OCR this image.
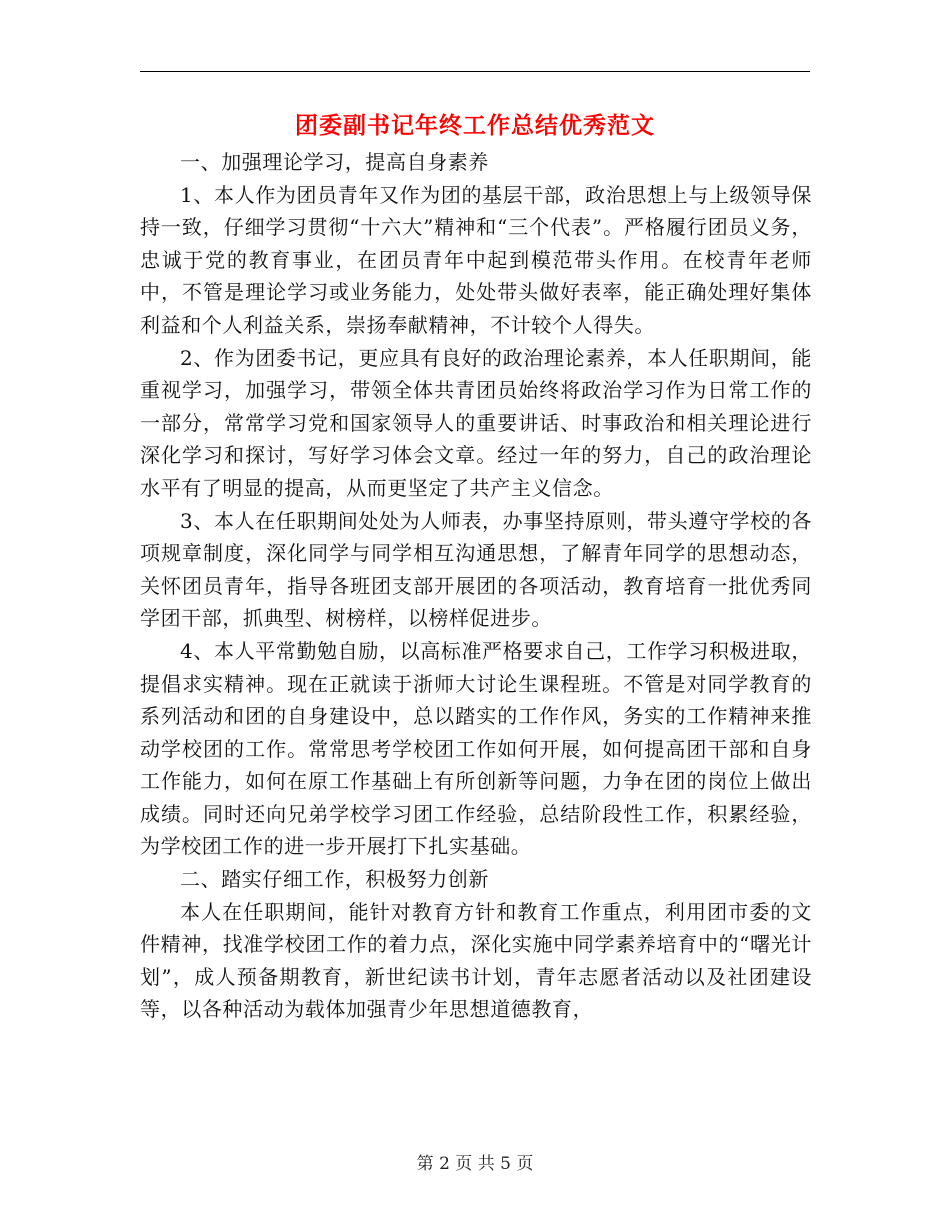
团委副书记年终工作总结优秀范文

一、加强理论学习，提高自身素养

1、本人作为团员青年又作为团的基层干部，政治思想上与上级领导保持一致，仔细学习贯彻“十六大”精神和“三个代表”。严格履行团员义务，忠诚于党的教育事业，在团员青年中起到模范带头作用。在校青年老师中，不管是理论学习或业务能力，处处带头做好表率，能正确处理好集体利益和个人利益关系，崇扬奉献精神，不计较个人得失。

2、作为团委书记，更应具有良好的政治理论素养，本人任职期间，能重视学习，加强学习，带领全体共青团员始终将政治学习作为日常工作的一部分，常常学习党和国家领导人的重要讲话、时事政治和相关理论进行深化学习和探讨，写好学习体会文章。经过一年的努力，自己的政治理论水平有了明显的提高，从而更坚定了共产主义信念。

3、本人在任职期间处处为人师表，办事坚持原则，带头遵守学校的各项规章制度，深化同学与同学相互沟通思想，了解青年同学的思想动态，关怀团员青年，指导各班团支部开展团的各项活动，教育培育一批优秀同学团干部，抓典型、树榜样，以榜样促进步。

4、本人平常勤勉自励，以高标准严格要求自己，工作学习积极进取，提倡求实精神。现在正就读于浙师大讨论生课程班。不管是对同学教育的系列活动和团的自身建设中，总以踏实的工作作风，务实的工作精神来推动学校团的工作。常常思考学校团工作如何开展，如何提高团干部和自身工作能力，如何在原工作基础上有所创新等问题，力争在团的岗位上做出成绩。同时还向兄弟学校学习团工作经验，总结阶段性工作，积累经验，为学校团工作的进一步开展打下扎实基础。

二、踏实仔细工作，积极努力创新

本人在任职期间，能针对教育方针和教育工作重点，利用团市委的文件精神，找准学校团工作的着力点，深化实施中同学素养培育中的“曙光计划”，成人预备期教育，新世纪读书计划，青年志愿者活动以及社团建设等，以各种活动为载体加强青少年思想道德教育，

第 2 页 共 5 页
